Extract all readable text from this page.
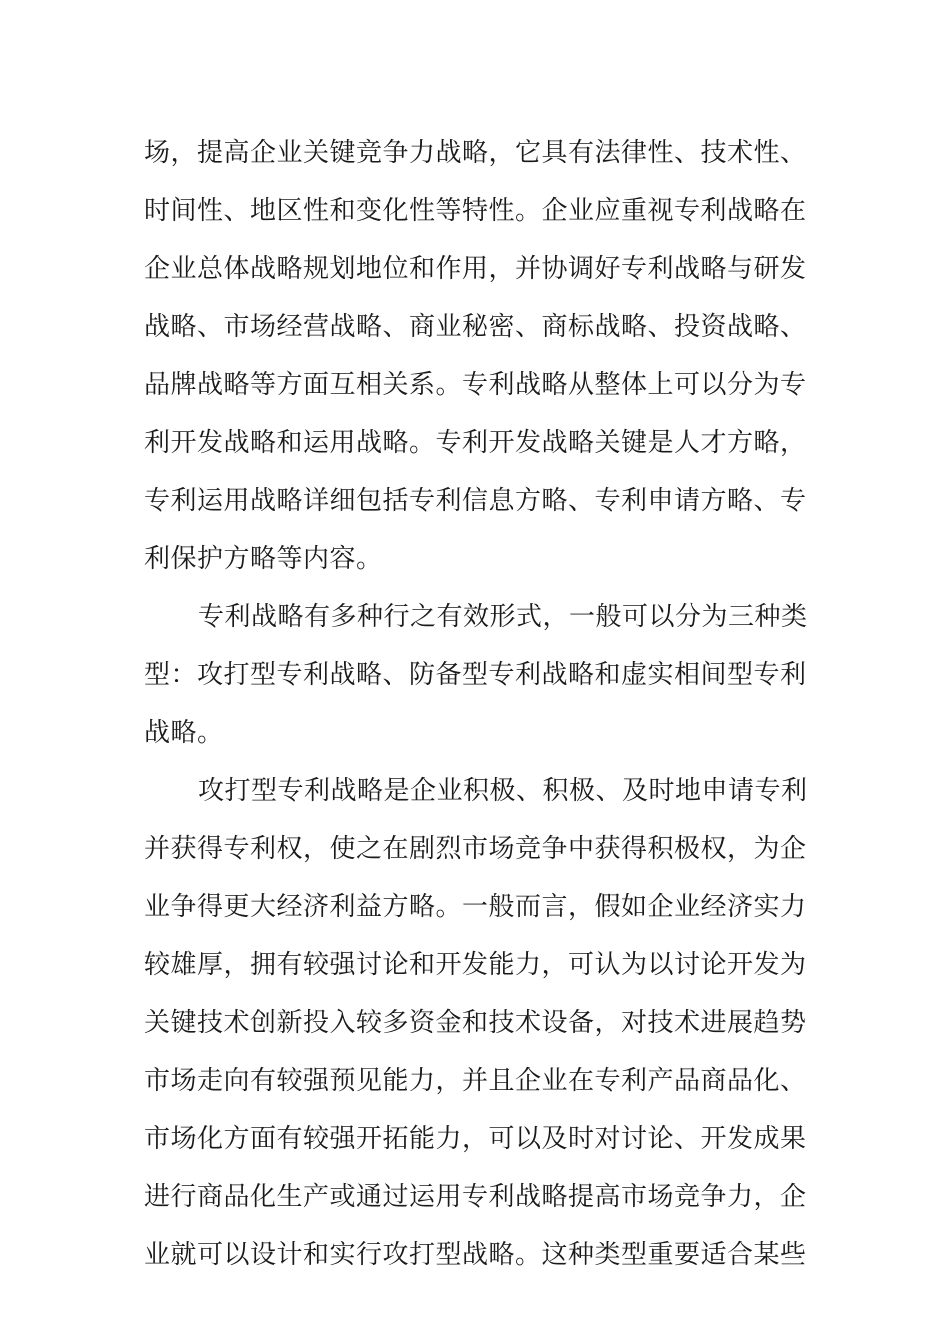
场，提高企业关键竞争力战略，它具有法律性、技术性、
时间性、地区性和变化性等特性。企业应重视专利战略在
企业总体战略规划地位和作用，并协调好专利战略与研发
战略、市场经营战略、商业秘密、商标战略、投资战略、
品牌战略等方面互相关系。专利战略从整体上可以分为专
利开发战略和运用战略。专利开发战略关键是人才方略，
专利运用战略详细包括专利信息方略、专利申请方略、专
利保护方略等内容。
专利战略有多种行之有效形式，一般可以分为三种类
型：攻打型专利战略、防备型专利战略和虚实相间型专利
战略。
攻打型专利战略是企业积极、积极、及时地申请专利
并获得专利权，使之在剧烈市场竞争中获得积极权，为企
业争得更大经济利益方略。一般而言，假如企业经济实力
较雄厚，拥有较强讨论和开发能力，可认为以讨论开发为
关键技术创新投入较多资金和技术设备，对技术进展趋势
市场走向有较强预见能力，并且企业在专利产品商品化、
市场化方面有较强开拓能力，可以及时对讨论、开发成果
进行商品化生产或通过运用专利战略提高市场竞争力，企
业就可以设计和实行攻打型战略。这种类型重要适合某些
